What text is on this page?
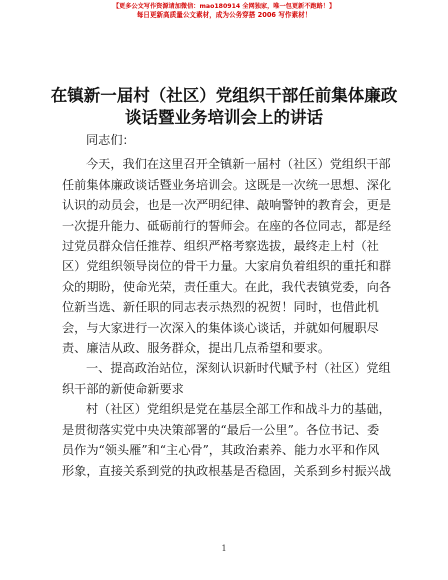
【更多公文写作资源请加微信：mao180914 全网独家，唯一包更新不跑路！】
每日更新高质量公文素材，成为公务穿搭 2006 写作素材！
在镇新一届村（社区）党组织干部任前集体廉政
谈话暨业务培训会上的讲话

同志们：

今天，我们在这里召开全镇新一届村（社区）党组织干部
任前集体廉政谈话暨业务培训会。这既是一次统一思想、深化
认识的动员会，也是一次严明纪律、敲响警钟的教育会，更是
一次提升能力、砥砺前行的誓师会。在座的各位同志，都是经
过党员群众信任推荐、组织严格考察选拔，最终走上村（社
区）党组织领导岗位的骨干力量。大家肩负着组织的重托和群
众的期盼，使命光荣，责任重大。在此，我代表镇党委，向各
位新当选、新任职的同志表示热烈的祝贺！同时，也借此机
会，与大家进行一次深入的集体谈心谈话，并就如何履职尽
责、廉洁从政、服务群众，提出几点希望和要求。
一、提高政治站位，深刻认识新时代赋予村（社区）党组
织干部的新使命新要求
村（社区）党组织是党在基层全部工作和战斗力的基础，
是贯彻落实党中央决策部署的“最后一公里”。各位书记、委
员作为“领头雁”和“主心骨”，其政治素养、能力水平和作风
形象，直接关系到党的执政根基是否稳固，关系到乡村振兴战
1
